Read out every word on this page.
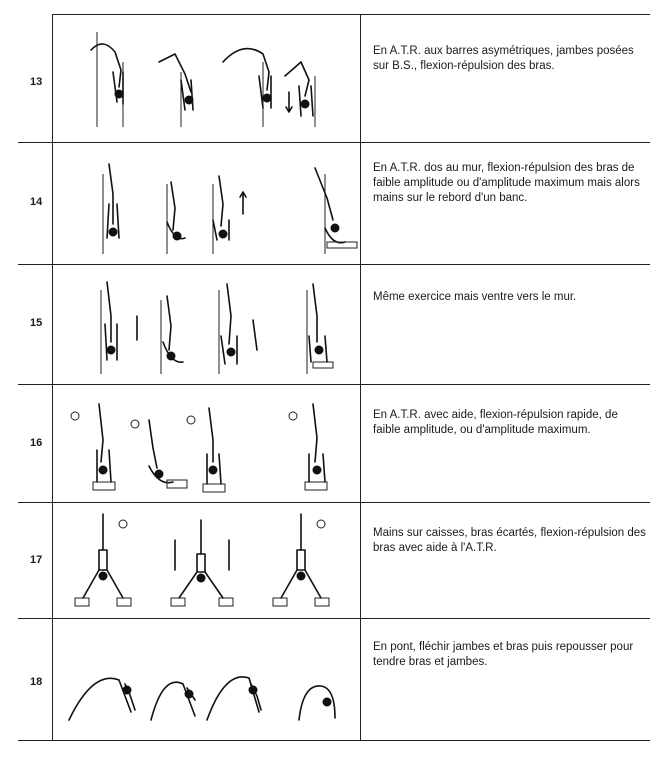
13
En A.T.R. aux barres asymétriques, jambes posées sur B.S., flexion-répulsion des bras.
14
En A.T.R. dos au mur, flexion-répulsion des bras de faible amplitude ou d'amplitude maximum mais alors mains sur le rebord d'un banc.
15
Même exercice mais ventre vers le mur.
16
En A.T.R. avec aide, flexion-répulsion rapide, de faible amplitude, ou d'amplitude maximum.
17
Mains sur caisses, bras écartés, flexion-répulsion des bras avec aide à l'A.T.R.
18
En pont, fléchir jambes et bras puis repousser pour tendre bras et jambes.
